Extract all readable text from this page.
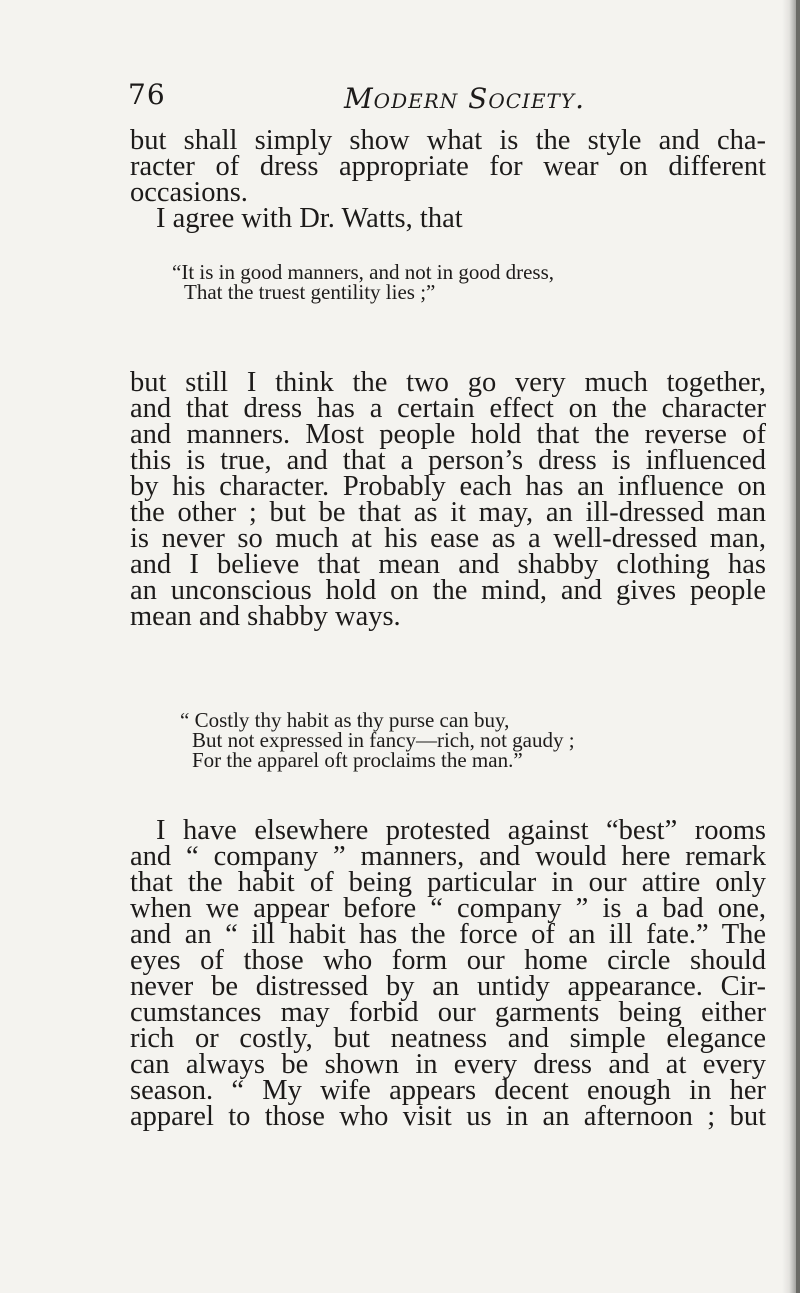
76	Modern Society.
but shall simply show what is the style and cha-
racter of dress appropriate for wear on different
occasions.
I agree with Dr. Watts, that
“It is in good manners, and not in good dress,
That the truest gentility lies ;”
but still I think the two go very much together,
and that dress has a certain effect on the character
and manners. Most people hold that the reverse of
this is true, and that a person’s dress is influenced
by his character. Probably each has an influence on
the other ; but be that as it may, an ill-dressed man
is never so much at his ease as a well-dressed man,
and I believe that mean and shabby clothing has
an unconscious hold on the mind, and gives people
mean and shabby ways.
“ Costly thy habit as thy purse can buy,
But not expressed in fancy—rich, not gaudy ;
For the apparel oft proclaims the man.”
I have elsewhere protested against “best” rooms
and “ company ” manners, and would here remark
that the habit of being particular in our attire only
when we appear before “ company ” is a bad one,
and an “ ill habit has the force of an ill fate.” The
eyes of those who form our home circle should
never be distressed by an untidy appearance. Cir-
cumstances may forbid our garments being either
rich or costly, but neatness and simple elegance
can always be shown in every dress and at every
season. “ My wife appears decent enough in her
apparel to those who visit us in an afternoon ; but
